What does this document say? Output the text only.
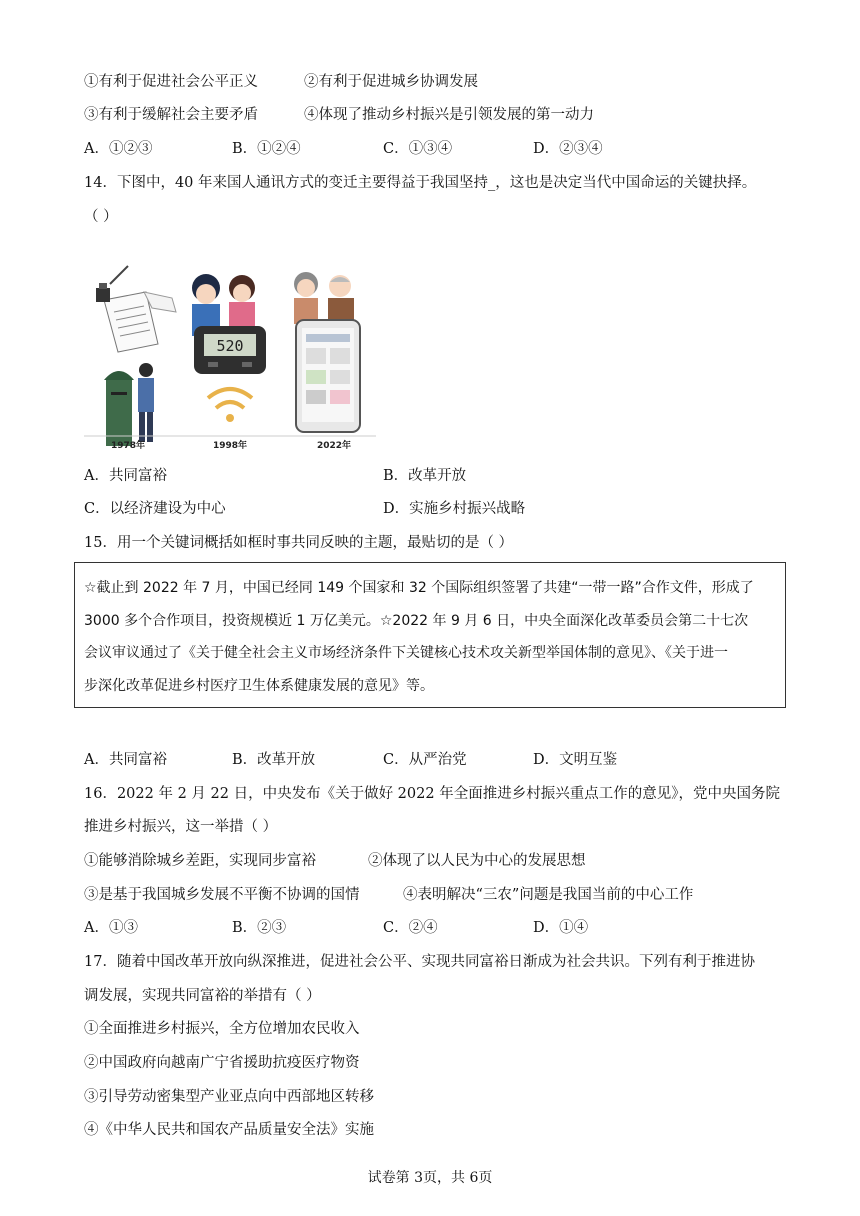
①有利于促进社会公平正义	②有利于促进城乡协调发展
③有利于缓解社会主要矛盾	④体现了推动乡村振兴是引领发展的第一动力
A．①②③	B．①②④	C．①③④	D．②③④
14．下图中，40 年来国人通讯方式的变迁主要得益于我国坚持_，这也是决定当代中国命运的关键抉择。
（ ）
520
1978年	1998年	2022年
A．共同富裕	B．改革开放
C．以经济建设为中心	D．实施乡村振兴战略
15．用一个关键词概括如框时事共同反映的主题，最贴切的是（ ）

☆截止到 2022 年 7 月，中国已经同 149 个国家和 32 个国际组织签署了共建“一带一路”合作文件，形成了

3000 多个合作项目，投资规模近 1 万亿美元。☆2022 年 9 月 6 日，中央全面深化改革委员会第二十七次

会议审议通过了《关于健全社会主义市场经济条件下关键核心技术攻关新型举国体制的意见》、《关于进一

步深化改革促进乡村医疗卫生体系健康发展的意见》等。

A．共同富裕	B．改革开放	C．从严治党	D．文明互鉴
16．2022 年 2 月 22 日，中央发布《关于做好 2022 年全面推进乡村振兴重点工作的意见》，党中央国务院
推进乡村振兴，这一举措（ ）
①能够消除城乡差距，实现同步富裕	②体现了以人民为中心的发展思想
③是基于我国城乡发展不平衡不协调的国情	④表明解决“三农”问题是我国当前的中心工作
A．①③	B．②③	C．②④	D．①④
17．随着中国改革开放向纵深推进，促进社会公平、实现共同富裕日渐成为社会共识。下列有利于推进协
调发展，实现共同富裕的举措有（ ）
①全面推进乡村振兴，全方位增加农民收入
②中国政府向越南广宁省援助抗疫医疗物资
③引导劳动密集型产业亚点向中西部地区转移
④《中华人民共和国农产品质量安全法》实施
试卷第 3页，共 6页
